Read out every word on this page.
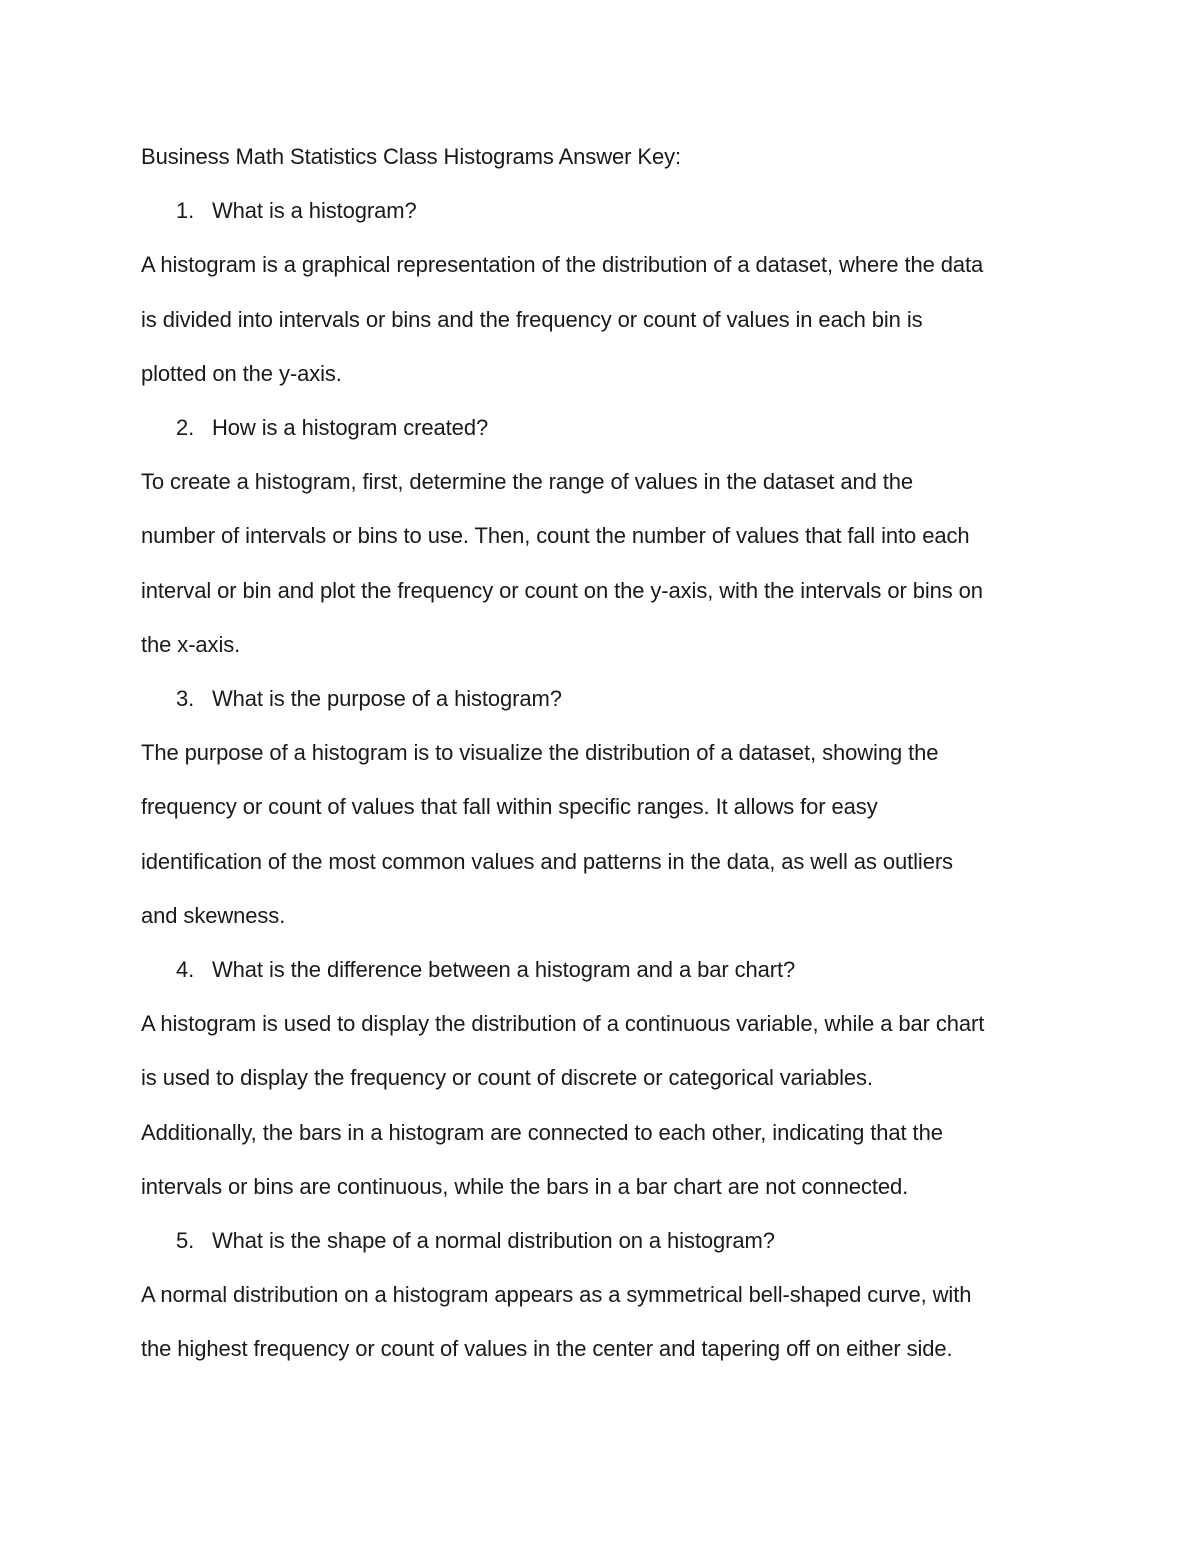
Business Math Statistics Class Histograms Answer Key:

1. What is a histogram?

A histogram is a graphical representation of the distribution of a dataset, where the data
is divided into intervals or bins and the frequency or count of values in each bin is
plotted on the y-axis.

2. How is a histogram created?

To create a histogram, first, determine the range of values in the dataset and the
number of intervals or bins to use. Then, count the number of values that fall into each
interval or bin and plot the frequency or count on the y-axis, with the intervals or bins on
the x-axis.

3. What is the purpose of a histogram?

The purpose of a histogram is to visualize the distribution of a dataset, showing the
frequency or count of values that fall within specific ranges. It allows for easy
identification of the most common values and patterns in the data, as well as outliers
and skewness.

4. What is the difference between a histogram and a bar chart?

A histogram is used to display the distribution of a continuous variable, while a bar chart
is used to display the frequency or count of discrete or categorical variables.
Additionally, the bars in a histogram are connected to each other, indicating that the
intervals or bins are continuous, while the bars in a bar chart are not connected.

5. What is the shape of a normal distribution on a histogram?

A normal distribution on a histogram appears as a symmetrical bell-shaped curve, with
the highest frequency or count of values in the center and tapering off on either side.
